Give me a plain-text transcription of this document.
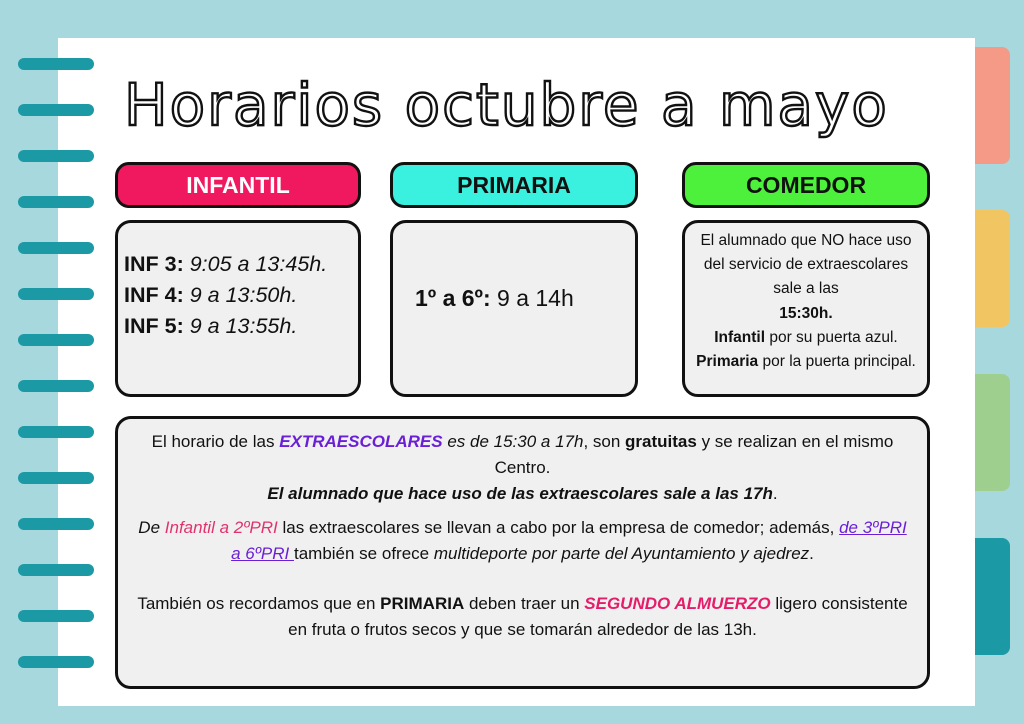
Horarios octubre a mayo
INFANTIL
INF 3: 9:05 a 13:45h.
INF 4: 9 a 13:50h.
INF 5: 9 a 13:55h.
PRIMARIA
1º a 6º: 9 a 14h
COMEDOR
El alumnado que NO hace uso del servicio de extraescolares sale a las
15:30h.
Infantil por su puerta azul.
Primaria por la puerta principal.

El horario de las EXTRAESCOLARES es de 15:30 a 17h, son gratuitas y se realizan en el mismo Centro.
El alumnado que hace uso de las extraescolares sale a las 17h.

De Infantil a 2ºPRI las extraescolares se llevan a cabo por la empresa de comedor; además, de 3ºPRI a 6ºPRI también se ofrece multideporte por parte del Ayuntamiento y ajedrez.

También os recordamos que en PRIMARIA deben traer un SEGUNDO ALMUERZO ligero consistente en fruta o frutos secos y que se tomarán alrededor de las 13h.
